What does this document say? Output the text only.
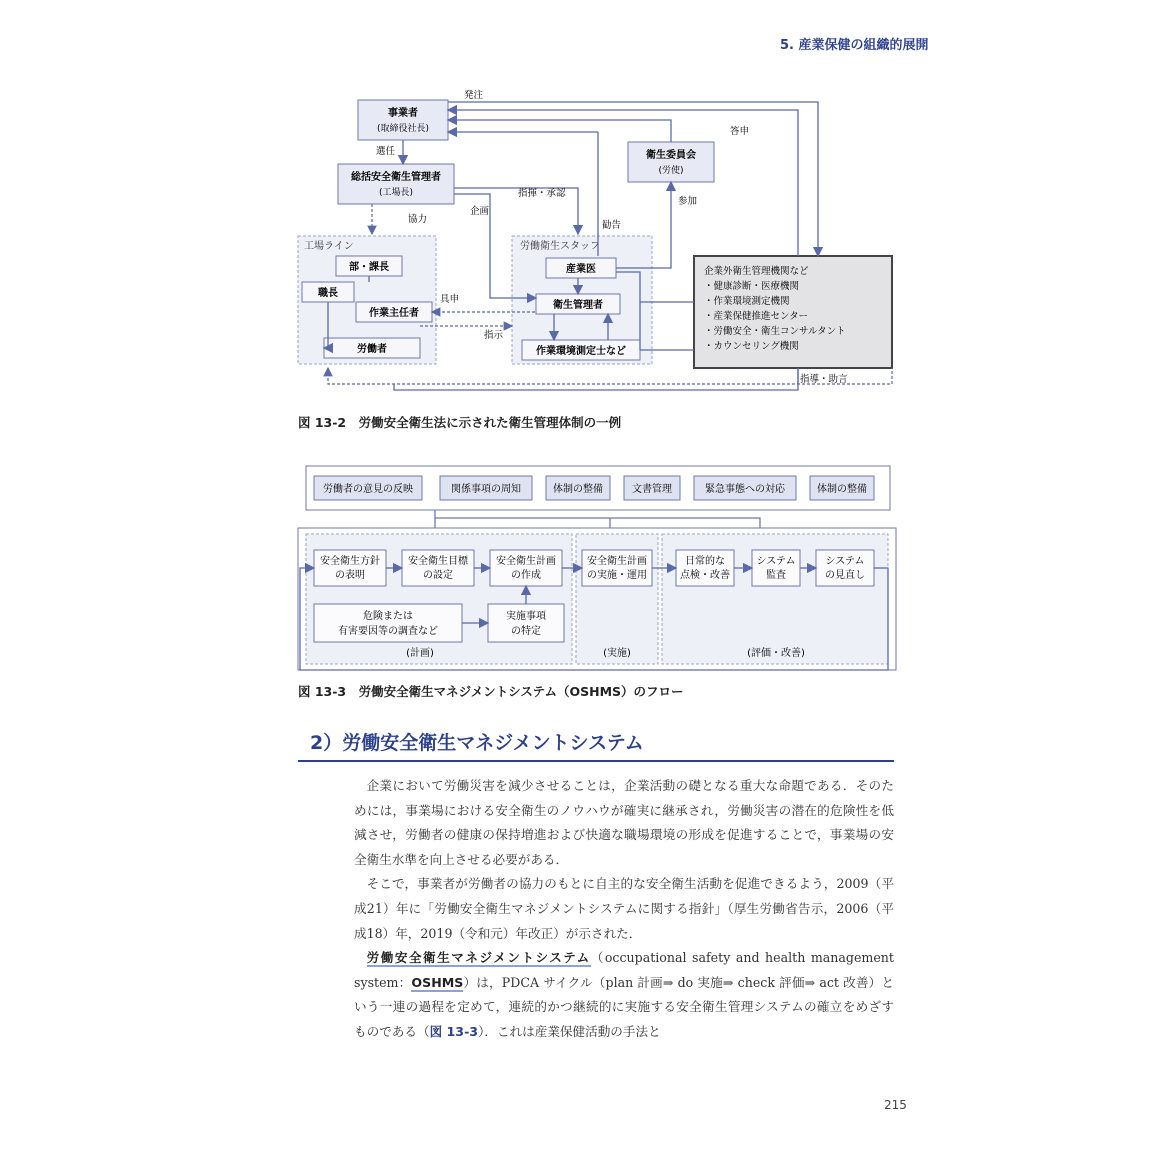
5. 産業保健の組織的展開
工場ライン	労働衛生スタッフ
事業者
(取締役社長)
総括安全衛生管理者
(工場長)
衛生委員会
(労使)
部・課長
職長
作業主任者
労働者
産業医
衛生管理者
作業環境測定士など
企業外衛生管理機関など
・健康診断・医療機関
・作業環境測定機関
・産業保健推進センター
・労働安全・衛生コンサルタント
・カウンセリング機関
発注
選任
協力
指揮・承認
企画
勧告
具申
指示
答申
参加
指導・助言
図 13-2　労働安全衛生法に示された衛生管理体制の一例
労働者の意見の反映	関係事項の周知	体制の整備	文書管理	緊急事態への対応	体制の整備
安全衛生方針
の表明
安全衛生目標
の設定
安全衛生計画
の作成
危険または
有害要因等の調査など
実施事項
の特定
安全衛生計画
の実施・運用
日常的な
点検・改善
システム
監査
システム
の見直し
(計画)	(実施)	(評価・改善)
図 13-3　労働安全衛生マネジメントシステム（OSHMS）のフロー
2）労働安全衛生マネジメントシステム

企業において労働災害を減少させることは，企業活動の礎となる重大な命題である．そのためには，事業場における安全衛生のノウハウが確実に継承され，労働災害の潜在的危険性を低減させ，労働者の健康の保持増進および快適な職場環境の形成を促進することで，事業場の安全衛生水準を向上させる必要がある．

そこで，事業者が労働者の協力のもとに自主的な安全衛生活動を促進できるよう，2009（平成21）年に「労働安全衛生マネジメントシステムに関する指針」（厚生労働省告示，2006（平成18）年，2019（令和元）年改正）が示された．

労働安全衛生マネジメントシステム（occupational safety and health management system：OSHMS）は，PDCA サイクル（plan 計画⇒ do 実施⇒ check 評価⇒ act 改善）という一連の過程を定めて，連続的かつ継続的に実施する安全衛生管理システムの確立をめざすものである（図 13-3）．これは産業保健活動の手法と

215
